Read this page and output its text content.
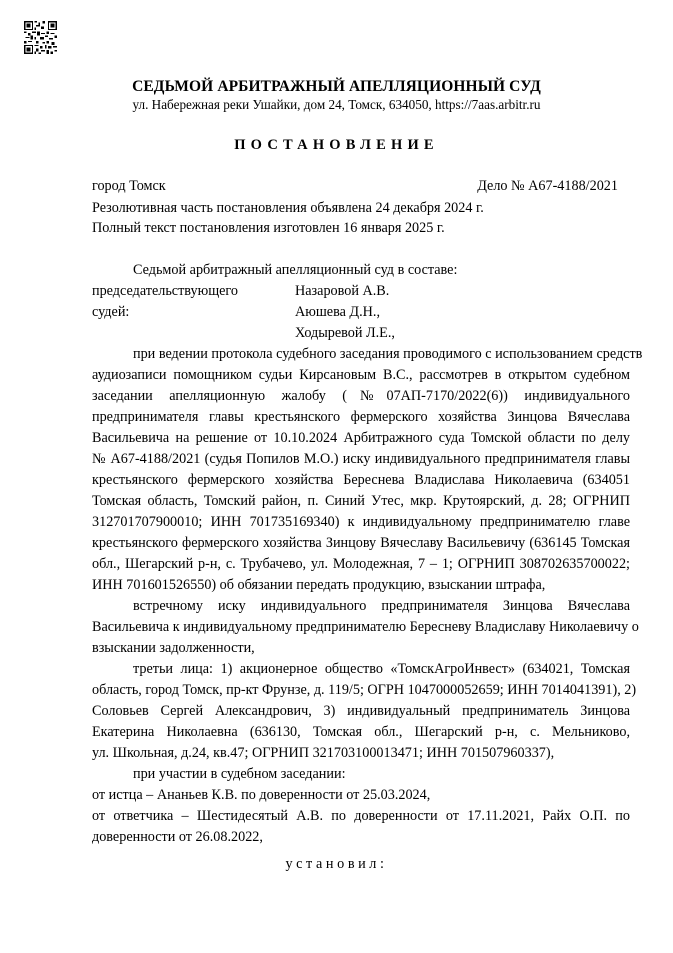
СЕДЬМОЙ АРБИТРАЖНЫЙ АПЕЛЛЯЦИОННЫЙ СУД
ул. Набережная реки Ушайки, дом 24, Томск, 634050, https://7aas.arbitr.ru
ПОСТАНОВЛЕНИЕ
город Томск	Дело № А67-4188/2021
Резолютивная часть постановления объявлена 24 декабря 2024 г.
Полный текст постановления изготовлен 16 января 2025 г.
Седьмой арбитражный апелляционный суд в составе:
председательствующего	Назаровой А.В.
судей:	Аюшева Д.Н.,
Ходыревой Л.Е.,
при ведении протокола судебного заседания проводимого с использованием средств
аудиозаписи помощником судьи Кирсановым В.С., рассмотрев в открытом судебном
заседании апелляционную жалобу (№07АП-7170/2022(6)) индивидуального
предпринимателя главы крестьянского фермерского хозяйства Зинцова Вячеслава
Васильевича на решение от 10.10.2024 Арбитражного суда Томской области по делу
№ А67-4188/2021 (судья Попилов М.О.) иску индивидуального предпринимателя главы
крестьянского фермерского хозяйства Береснева Владислава Николаевича (634051
Томская область, Томский район, п. Синий Утес, мкр. Крутоярский, д. 28; ОГРНИП
312701707900010; ИНН 701735169340) к индивидуальному предпринимателю главе
крестьянского фермерского хозяйства Зинцову Вячеславу Васильевичу (636145 Томская
обл., Шегарский р-н, с. Трубачево, ул. Молодежная, 7 – 1; ОГРНИП 308702635700022;
ИНН 701601526550) об обязании передать продукцию, взыскании штрафа,
встречному иску индивидуального предпринимателя Зинцова Вячеслава
Васильевича к индивидуальному предпринимателю Бересневу Владиславу Николаевичу о
взыскании задолженности,
третьи лица: 1) акционерное общество «ТомскАгроИнвест» (634021, Томская
область, город Томск, пр-кт Фрунзе, д. 119/5; ОГРН 1047000052659; ИНН 7014041391), 2)
Соловьев Сергей Александрович, 3) индивидуальный предприниматель Зинцова
Екатерина Николаевна (636130, Томская обл., Шегарский р-н, с. Мельниково,
ул. Школьная, д.24, кв.47; ОГРНИП 321703100013471; ИНН 701507960337),
при участии в судебном заседании:
от истца – Ананьев К.В. по доверенности от 25.03.2024,
от ответчика – Шестидесятый А.В. по доверенности от 17.11.2021, Райх О.П. по
доверенности от 26.08.2022,
установил:
